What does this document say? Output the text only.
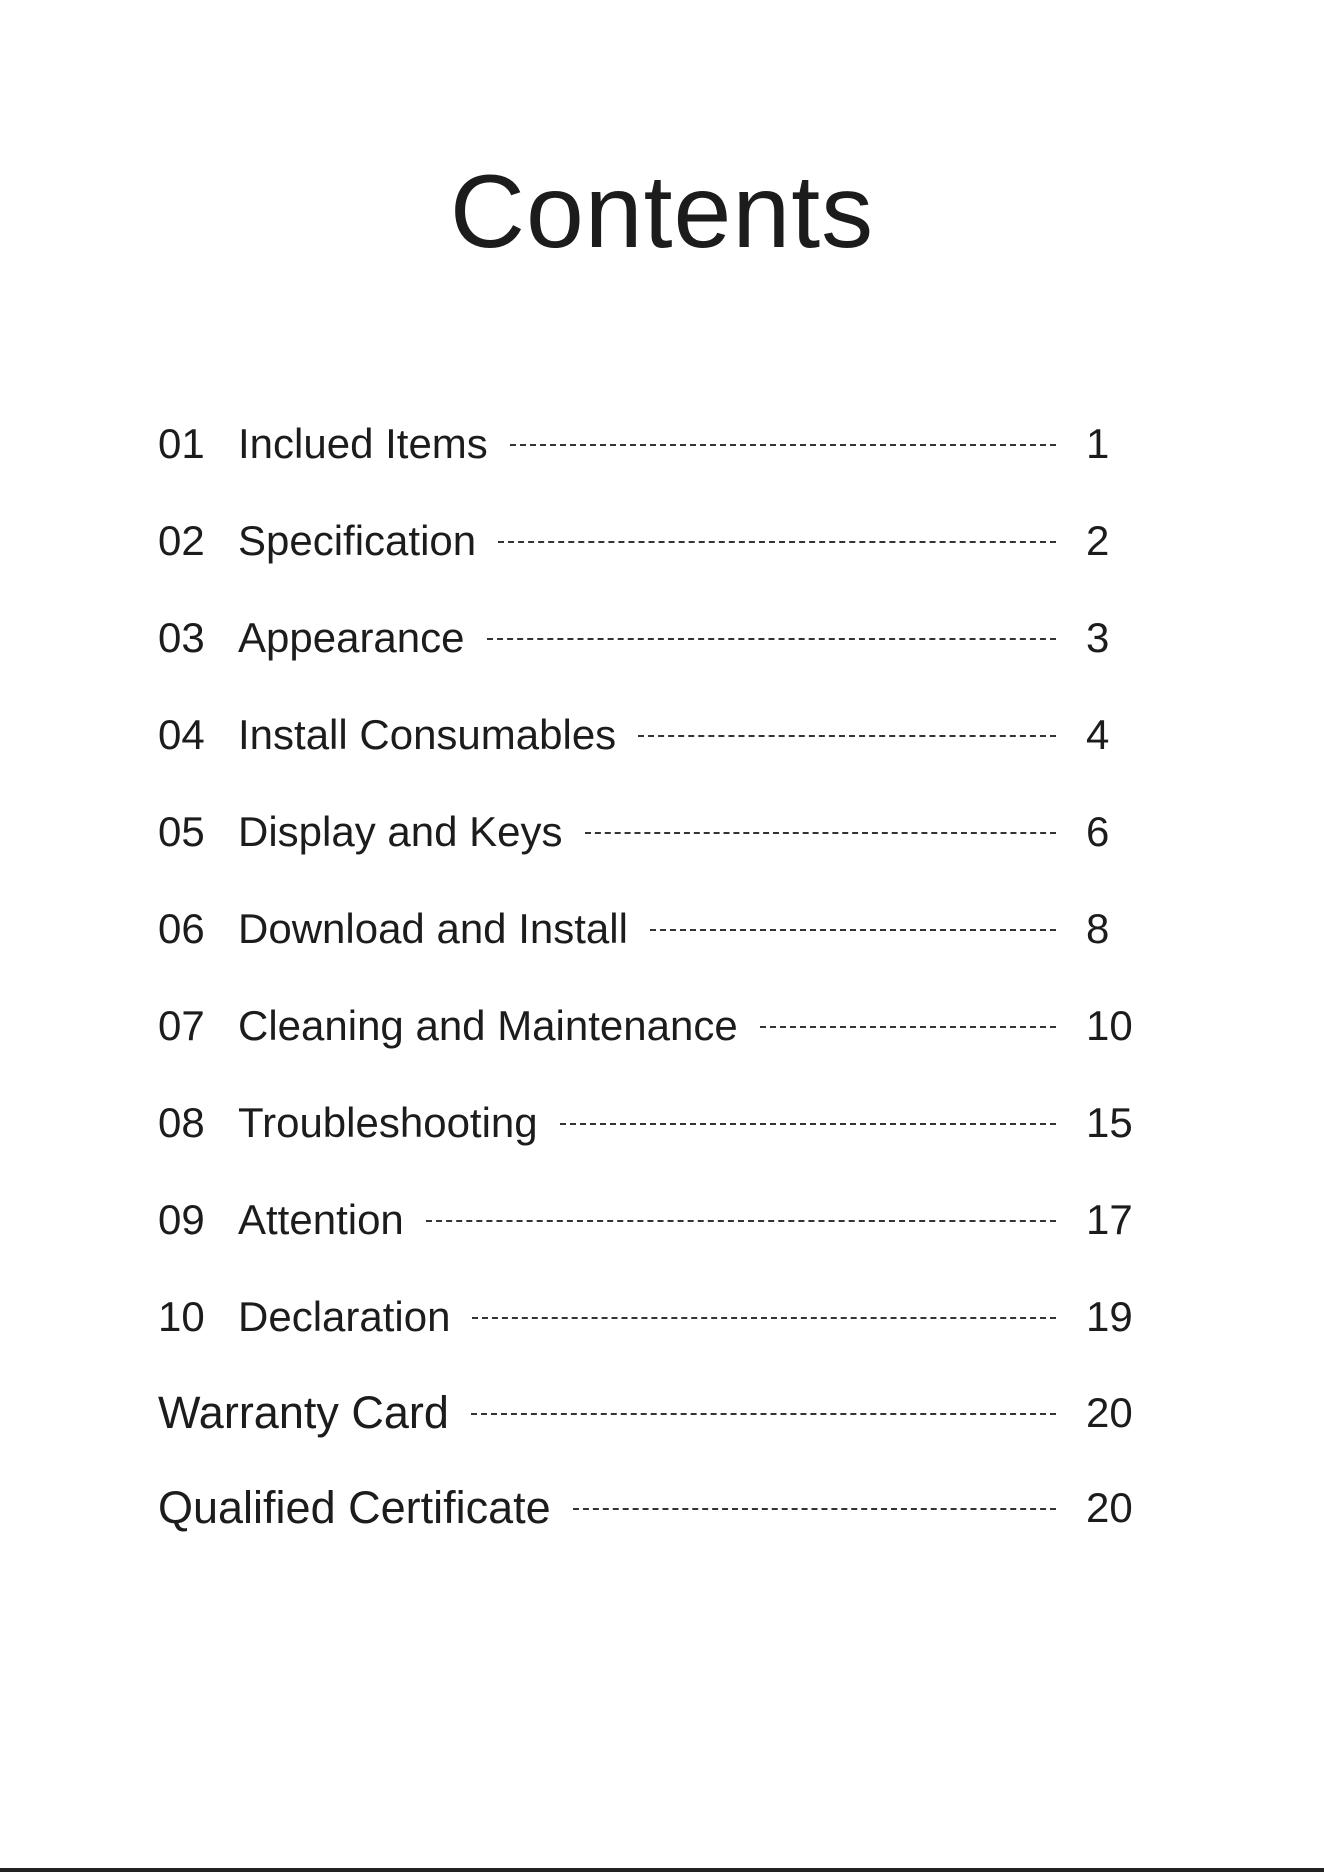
Contents
01 Inclued Items	1
02 Specification	2
03 Appearance	3
04 Install Consumables	4
05 Display and Keys	6
06 Download and Install	8
07 Cleaning and Maintenance	10
08 Troubleshooting	15
09 Attention	17
10 Declaration	19
Warranty Card	20
Qualified Certificate	20
